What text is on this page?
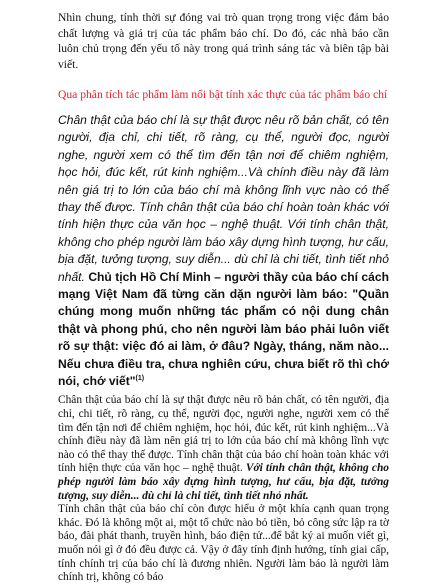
Nhìn chung, tính thời sự đóng vai trò quan trọng trong việc đảm bảo chất lượng và giá trị của tác phẩm báo chí. Do đó, các nhà báo cần luôn chủ trọng đến yếu tố này trong quá trình sáng tác và biên tập bài viết.

Qua phân tích tác phẩm làm nổi bật tính xác thực của tác phẩm báo chí

Chân thật của báo chí là sự thật được nêu rõ bản chất, có tên người, địa chỉ, chi tiết, rõ ràng, cụ thể, người đọc, người nghe, người xem có thể tìm đến tận nơi để chiêm nghiệm, học hỏi, đúc kết, rút kinh nghiệm...Và chính điều này đã làm nên giá trị to lớn của báo chí mà không lĩnh vực nào có thể thay thế được. Tính chân thật của báo chí hoàn toàn khác với tính hiện thực của văn học – nghệ thuật. Với tính chân thật, không cho phép người làm báo xây dựng hình tượng, hư cấu, bịa đặt, tưởng tượng, suy diễn... dù chỉ là chi tiết, tình tiết nhỏ nhất. Chủ tịch Hồ Chí Minh – người thầy của báo chí cách mạng Việt Nam đã từng căn dặn người làm báo: "Quần chúng mong muốn những tác phẩm có nội dung chân thật và phong phú, cho nên người làm báo phải luôn viết rõ sự thật: việc đó ai làm, ở đâu? Ngày, tháng, năm nào... Nếu chưa điều tra, chưa nghiên cứu, chưa biết rõ thì chớ nói, chớ viết"$^{(1)}$

Chân thật của báo chí là sự thật được nêu rõ bản chất, có tên người, địa chỉ, chi tiết, rõ ràng, cụ thể, người đọc, người nghe, người xem có thể tìm đến tận nơi để chiêm nghiệm, học hỏi, đúc kết, rút kinh nghiệm...Và chính điều này đã làm nên giá trị to lớn của báo chí mà không lĩnh vực nào có thể thay thế được. Tính chân thật của báo chí hoàn toàn khác với tính hiện thực của văn học – nghệ thuật. Với tính chân thật, không cho phép người làm báo xây dựng hình tượng, hư cấu, bịa đặt, tưởng tượng, suy diễn... dù chỉ là chi tiết, tình tiết nhỏ nhất.

Tính chân thật của báo chí còn được hiểu ở một khía cạnh quan trọng khác. Đó là không một ai, một tổ chức nào bỏ tiền, bỏ công sức lập ra tờ báo, đài phát thanh, truyền hình, báo điện tử...để bắt ký ai muốn viết gì, muốn nói gì ở đó đều được cả. Vậy ở đây tính định hướng, tính giai cấp, tính chính trị của báo chí là đương nhiên. Người làm báo là người làm chính trị, không có báo
